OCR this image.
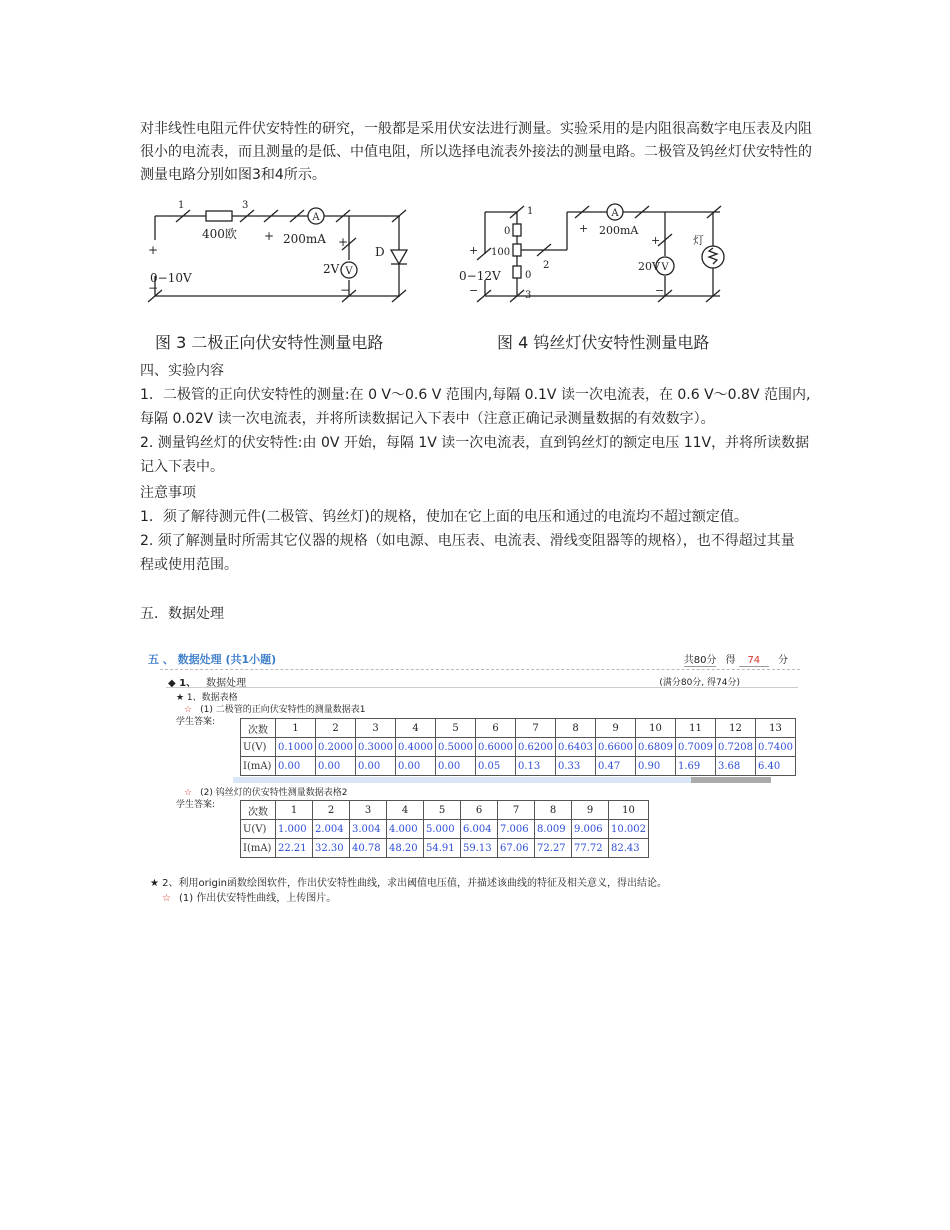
对非线性电阻元件伏安特性的研究，一般都是采用伏安法进行测量。实验采用的是内阻很高数字电压表及内阻很小的电流表，而且测量的是低、中值电阻，所以选择电流表外接法的测量电路。二极管及钨丝灯伏安特性的测量电路分别如图3和4所示。

A
V
1	3
400欧	200mA
2V
D
+
+	+
−	−
0−10V
图 3 二极正向伏安特性测量电路
A
V
1
2
3
0
100
0
200mA
20V
灯
+
+
+
−	−
0−12V
图 4 钨丝灯伏安特性测量电路
四、实验内容
1．二极管的正向伏安特性的测量:在 0 V～0.6 V 范围内,每隔 0.1V 读一次电流表，在 0.6 V～0.8V 范围内,
每隔 0.02V 读一次电流表，并将所读数据记入下表中（注意正确记录测量数据的有效数字）。
2. 测量钨丝灯的伏安特性:由 0V 开始，每隔 1V 读一次电流表，直到钨丝灯的额定电压 11V，并将所读数据
记入下表中。
注意事项
1．须了解待测元件(二极管、钨丝灯)的规格，使加在它上面的电压和通过的电流均不超过额定值。
2. 须了解测量时所需其它仪器的规格（如电源、电压表、电流表、滑线变阻器等的规格），也不得超过其量
程或使用范围。
五．数据处理
五 、 数据处理 (共1小题)	共80分 得 74 分
◆ 1、 数据处理	(满分80分, 得74分)
★ 1、数据表格
☆ (1) 二极管的正向伏安特性的测量数据表1
学生答案:
次数	1	2	3	4	5	6	7	8	9	10	11	12	13
U(V)	0.1000	0.2000	0.3000	0.4000	0.5000	0.6000	0.6200	0.6403	0.6600	0.6809	0.7009	0.7208	0.7400
I(mA)	0.00	0.00	0.00	0.00	0.00	0.05	0.13	0.33	0.47	0.90	1.69	3.68	6.40
☆ (2) 钨丝灯的伏安特性测量数据表格2
学生答案:
次数	1	2	3	4	5	6	7	8	9	10
U(V)	1.000	2.004	3.004	4.000	5.000	6.004	7.006	8.009	9.006	10.002
I(mA)	22.21	32.30	40.78	48.20	54.91	59.13	67.06	72.27	77.72	82.43
★ 2、利用origin函数绘图软件，作出伏安特性曲线，求出阈值电压值，并描述该曲线的特征及相关意义，得出结论。
☆ (1) 作出伏安特性曲线，上传图片。
